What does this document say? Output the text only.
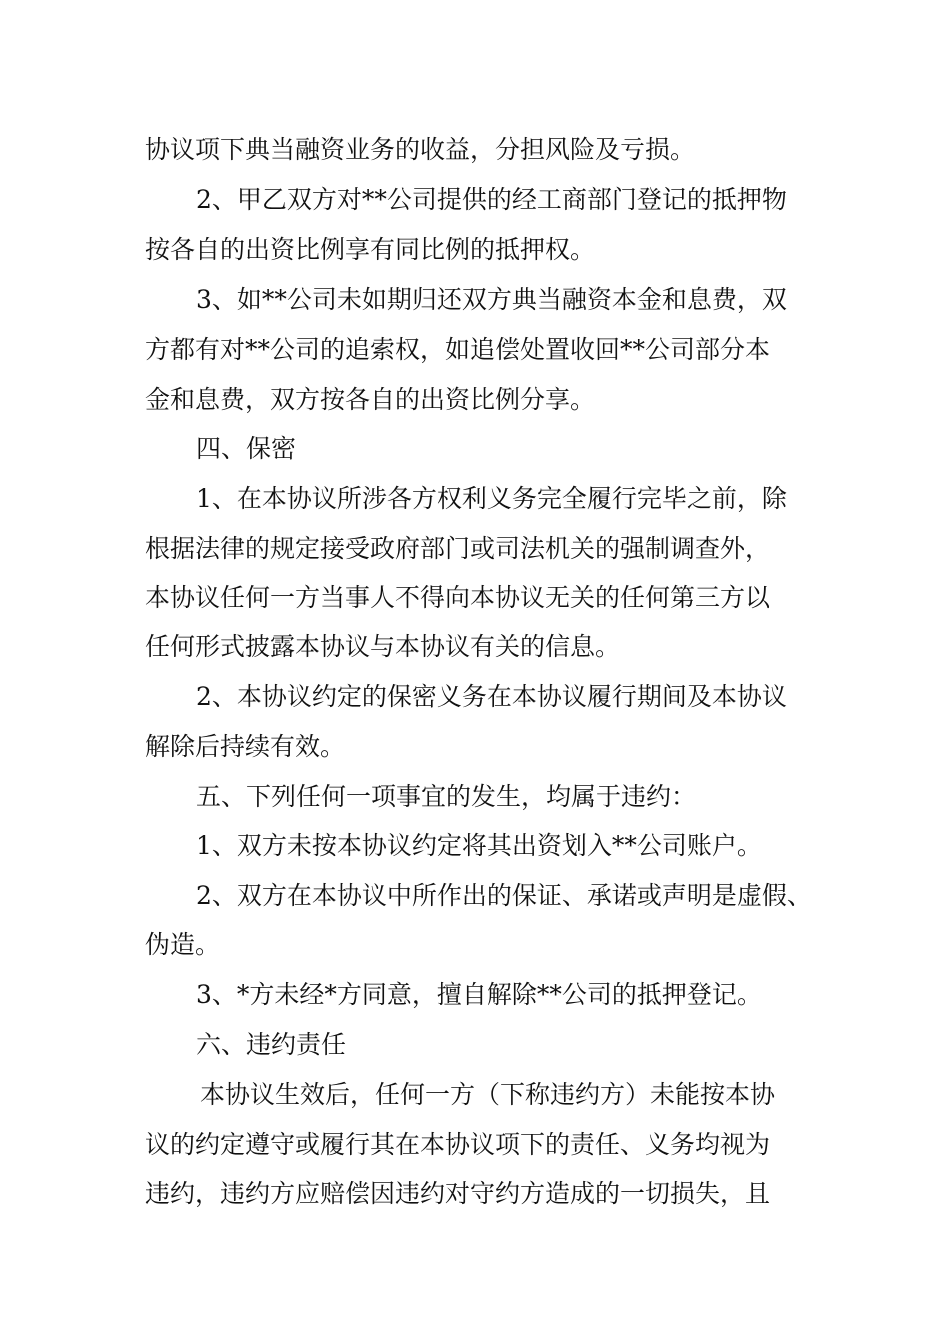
协议项下典当融资业务的收益，分担风险及亏损。
2、甲乙双方对**公司提供的经工商部门登记的抵押物
按各自的出资比例享有同比例的抵押权。
3、如**公司未如期归还双方典当融资本金和息费，双
方都有对**公司的追索权，如追偿处置收回**公司部分本
金和息费，双方按各自的出资比例分享。
四、保密
1、在本协议所涉各方权利义务完全履行完毕之前，除
根据法律的规定接受政府部门或司法机关的强制调查外，
本协议任何一方当事人不得向本协议无关的任何第三方以
任何形式披露本协议与本协议有关的信息。
2、本协议约定的保密义务在本协议履行期间及本协议
解除后持续有效。
五、下列任何一项事宜的发生，均属于违约：
1、双方未按本协议约定将其出资划入**公司账户。
2、双方在本协议中所作出的保证、承诺或声明是虚假、
伪造。
3、*方未经*方同意，擅自解除**公司的抵押登记。
六、违约责任
本协议生效后，任何一方（下称违约方）未能按本协
议的约定遵守或履行其在本协议项下的责任、义务均视为
违约，违约方应赔偿因违约对守约方造成的一切损失，且
